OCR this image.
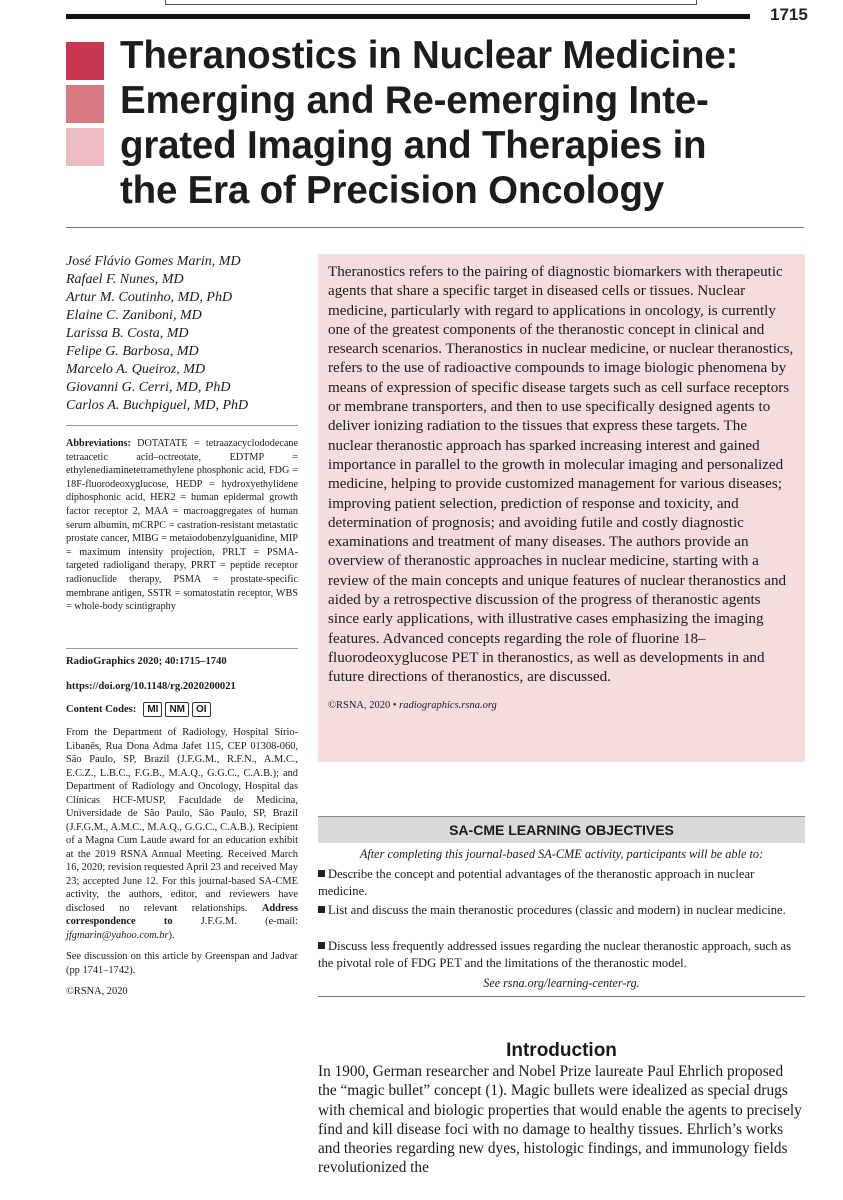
1715
Theranostics in Nuclear Medicine:
Emerging and Re-emerging Inte-
grated Imaging and Therapies in
the Era of Precision Oncology
José Flávio Gomes Marin, MD
Rafael F. Nunes, MD
Artur M. Coutinho, MD, PhD
Elaine C. Zaniboni, MD
Larissa B. Costa, MD
Felipe G. Barbosa, MD
Marcelo A. Queiroz, MD
Giovanni G. Cerri, MD, PhD
Carlos A. Buchpiguel, MD, PhD
Abbreviations: DOTATATE = tetraazacyclododecane tetraacetic acid–octreotate, EDTMP = ethylenediaminetetramethylene phosphonic acid, FDG = 18F-fluorodeoxyglucose, HEDP = hydroxyethylidene diphosphonic acid, HER2 = human epidermal growth factor receptor 2, MAA = macroaggregates of human serum albumin, mCRPC = castration-resistant metastatic prostate cancer, MIBG = metaiodobenzylguanidine, MIP = maximum intensity projection, PRLT = PSMA-targeted radioligand therapy, PRRT = peptide receptor radionuclide therapy, PSMA = prostate-specific membrane antigen, SSTR = somatostatin receptor, WBS = whole-body scintigraphy
RadioGraphics 2020; 40:1715–1740
https://doi.org/10.1148/rg.2020200021
Content Codes:	MI	NM	OI

From the Department of Radiology, Hospital Sírio-Libanês, Rua Dona Adma Jafet 115, CEP 01308-060, São Paulo, SP, Brazil (J.F.G.M., R.F.N., A.M.C., E.C.Z., L.B.C., F.G.B., M.A.Q., G.G.C., C.A.B.); and Department of Radiology and Oncology, Hospital das Clínicas HCF-MUSP, Faculdade de Medicina, Universidade de São Paulo, São Paulo, SP, Brazil (J.F.G.M., A.M.C., M.A.Q., G.G.C., C.A.B.). Recipient of a Magna Cum Laude award for an education exhibit at the 2019 RSNA Annual Meeting. Received March 16, 2020; revision requested April 23 and received May 23; accepted June 12. For this journal-based SA-CME activity, the authors, editor, and reviewers have disclosed no relevant relationships. Address correspondence to	J.F.G.M. (e-mail: jfgmarin@yahoo.com.br).

See discussion on this article by Greenspan and Jadvar (pp 1741–1742).

©RSNA, 2020

Theranostics refers to the pairing of diagnostic biomarkers with therapeutic agents that share a specific target in diseased cells or tissues. Nuclear medicine, particularly with regard to applications in oncology, is currently one of the greatest components of the theranostic concept in clinical and research scenarios. Theranostics in nuclear medicine, or nuclear theranostics, refers to the use of radioactive compounds to image biologic phenomena by means of expression of specific disease targets such as cell surface receptors or membrane transporters, and then to use specifically designed agents to deliver ionizing radiation to the tissues that express these targets. The nuclear theranostic approach has sparked increasing interest and gained importance in parallel to the growth in molecular imaging and personalized medicine, helping to provide customized management for various diseases; improving patient selection, prediction of response and toxicity, and determination of prognosis; and avoiding futile and costly diagnostic examinations and treatment of many diseases. The authors provide an overview of theranostic approaches in nuclear medicine, starting with a review of the main concepts and unique features of nuclear theranostics and aided by a retrospective discussion of the progress of theranostic agents since early applications, with illustrative cases emphasizing the imaging features. Advanced concepts regarding the role of fluorine 18–fluorodeoxyglucose PET in theranostics, as well as developments in and future directions of theranostics, are discussed.

©RSNA, 2020 • radiographics.rsna.org
SA-CME LEARNING OBJECTIVES
After completing this journal-based SA-CME activity, participants will be able to:
Describe the concept and potential advantages of the theranostic approach in nuclear medicine.
List and discuss the main theranostic procedures (classic and modern) in nuclear medicine.
Discuss less frequently addressed issues regarding the nuclear theranostic approach, such as the pivotal role of FDG PET and the limitations of the theranostic model.
See rsna.org/learning-center-rg.
Introduction

In 1900, German researcher and Nobel Prize laureate Paul Ehrlich proposed the “magic bullet” concept (1). Magic bullets were idealized as special drugs with chemical and biologic properties that would enable the agents to precisely find and kill disease foci with no damage to healthy tissues. Ehrlich’s works and theories regarding new dyes, histologic findings, and immunology fields revolutionized the
